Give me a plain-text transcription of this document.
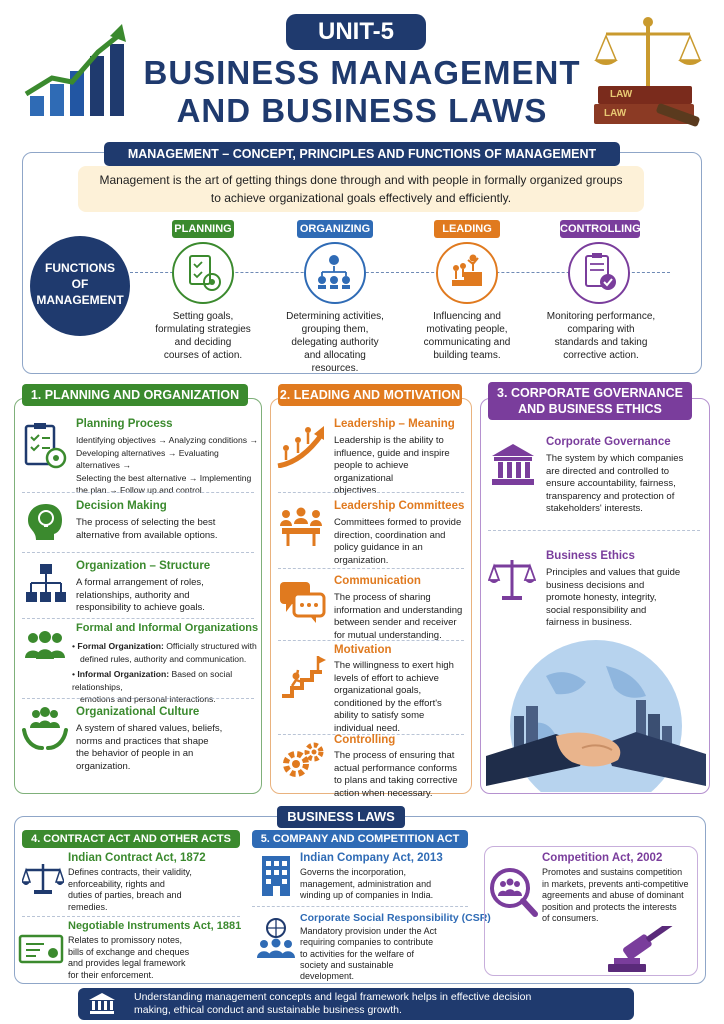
UNIT-5
BUSINESS MANAGEMENT
AND BUSINESS LAWS	LAW
LAW
MANAGEMENT – CONCEPT, PRINCIPLES AND FUNCTIONS OF MANAGEMENT
Management is the art of getting things done through and with people in formally organized groups
to achieve organizational goals effectively and efficiently.
FUNCTIONS
OF
MANAGEMENT
PLANNING
Setting goals,
formulating strategies
and deciding
courses of action.
ORGANIZING
Determining activities,
grouping them,
delegating authority
and allocating
resources.
LEADING
Influencing and
motivating people,
communicating and
building teams.
CONTROLLING
Monitoring performance,
comparing with
standards and taking
corrective action.
1. PLANNING AND ORGANIZATION
Planning Process
Identifying objectives → Analyzing conditions →
Developing alternatives → Evaluating alternatives →
Selecting the best alternative → Implementing
the plan → Follow up and control.
Decision Making
The process of selecting the best
alternative from available options.
Organization – Structure
A formal arrangement of roles,
relationships, authority and
responsibility to achieve goals.
Formal and Informal Organizations
• Formal Organization: Officially structured with
defined rules, authority and communication.
• Informal Organization: Based on social relationships,
emotions and personal interactions.
Organizational Culture
A system of shared values, beliefs,
norms and practices that shape
the behavior of people in an
organization.
2. LEADING AND MOTIVATION
Leadership – Meaning
Leadership is the ability to
influence, guide and inspire
people to achieve organizational
objectives.
Leadership Committees
Committees formed to provide
direction, coordination and
policy guidance in an
organization.
Communication
The process of sharing
information and understanding
between sender and receiver
for mutual understanding.
Motivation
The willingness to exert high
levels of effort to achieve
organizational goals,
conditioned by the effort's
ability to satisfy some
individual need.
Controlling
The process of ensuring that
actual performance conforms
to plans and taking corrective
action when necessary.
3. CORPORATE GOVERNANCE
AND BUSINESS ETHICS
Corporate Governance
The system by which companies
are directed and controlled to
ensure accountability, fairness,
transparency and protection of
stakeholders' interests.
Business Ethics
Principles and values that guide
business decisions and
promote honesty, integrity,
social responsibility and
fairness in business.
BUSINESS LAWS
4. CONTRACT ACT AND OTHER ACTS	5. COMPANY AND COMPETITION ACT
Indian Contract Act, 1872
Defines contracts, their validity,
enforceability, rights and
duties of parties, breach and
remedies.
Negotiable Instruments Act, 1881
Relates to promissory notes,
bills of exchange and cheques
and provides legal framework
for their enforcement.
Indian Company Act, 2013
Governs the incorporation,
management, administration and
winding up of companies in India.
Corporate Social Responsibility (CSR)
Mandatory provision under the Act
requiring companies to contribute
to activities for the welfare of
society and sustainable
development.
Competition Act, 2002
Promotes and sustains competition
in markets, prevents anti-competitive
agreements and abuse of dominant
position and protects the interests
of consumers.
Understanding management concepts and legal framework helps in effective decision
making, ethical conduct and sustainable business growth.
